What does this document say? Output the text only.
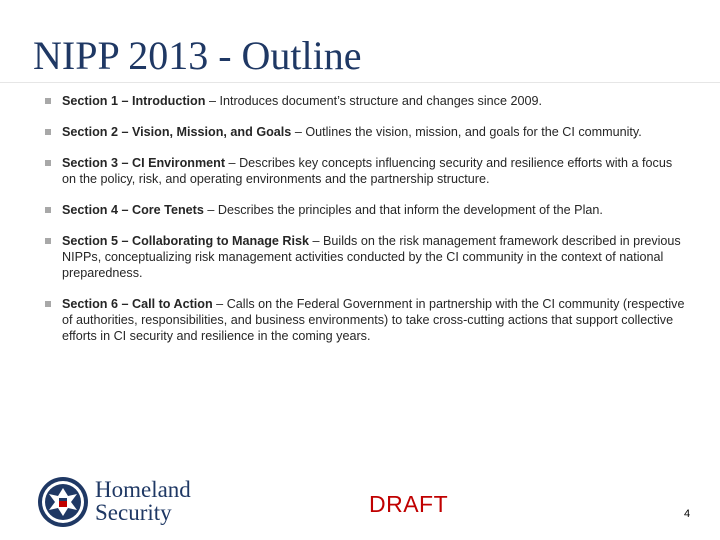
NIPP 2013 - Outline
Section 1 – Introduction – Introduces document’s structure and changes since 2009.
Section 2 – Vision, Mission, and Goals – Outlines the vision, mission, and goals for the CI community.
Section 3 – CI Environment – Describes key concepts influencing security and resilience efforts with a focus on the policy, risk, and operating environments and the partnership structure.
Section 4 – Core Tenets – Describes the principles and that inform the development of the Plan.
Section 5 – Collaborating to Manage Risk – Builds on the risk management framework described in previous NIPPs, conceptualizing risk management activities conducted by the CI community in the context of national preparedness.
Section 6 – Call to Action – Calls on the Federal Government in partnership with the CI community (respective of authorities, responsibilities, and business environments) to take cross-cutting actions that support collective efforts in CI security and resilience in the coming years.
Homeland
Security	DRAFT	4
